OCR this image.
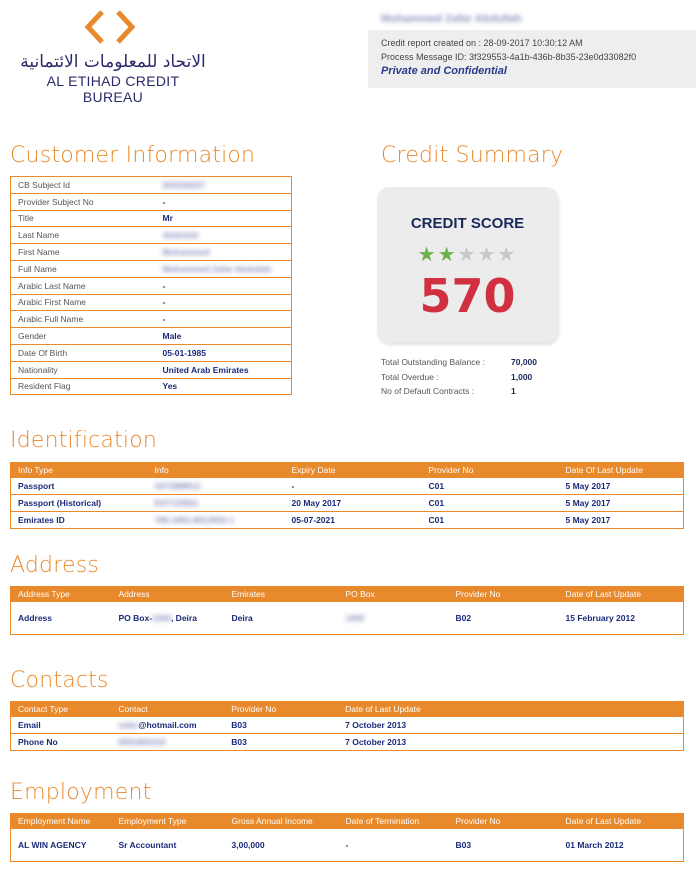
الاتحاد للمعلومات الائتمانية
AL ETIHAD CREDIT BUREAU
Mohammed Zafar Abdullah
Credit report created on : 28-09-2017 10:30:12 AM
Process Message ID: 3f329553-4a1b-436b-8b35-23e0d33082f0
Private and Confidential
Customer Information
CB Subject Id	003156237
Provider Subject No	-
Title	Mr
Last Name	Abdullah
First Name	Mohammed
Full Name	Mohammed Zafar Abdullah
Arabic Last Name	-
Arabic First Name	-
Arabic Full Name	-
Gender	Male
Date Of Birth	05-01-1985
Nationality	United Arab Emirates
Resident Flag	Yes
Credit Summary
CREDIT SCORE
★★★★★
570
Total Outstanding Balance :	70,000
Total Overdue :	1,000
No of Default Contracts :	1
Identification
Info Type	Info	Expiry Date	Provider No	Date Of Last Update
Passport	S4728M912	-	C01	5 May 2017
Passport (Historical)	K07723501	20 May 2017	C01	5 May 2017
Emirates ID	785-1991-8013502-1	05-07-2021	C01	5 May 2017
Address
Address Type	Address	Emirates	PO Box	Provider No	Date of Last Update
Address	PO Box-1000, Deira	Deira	1000	B02	15 February 2012
Contacts
Contact Type	Contact	Provider No	Date of Last Update
Email	zafar@hotmail.com	B03	7 October 2013
Phone No	0501800123	B03	7 October 2013
Employment
Employment Name	Employment Type	Gross Annual Income	Date of Termination	Provider No	Date of Last Update
AL WIN AGENCY	Sr Accountant	3,00,000	-	B03	01 March 2012
